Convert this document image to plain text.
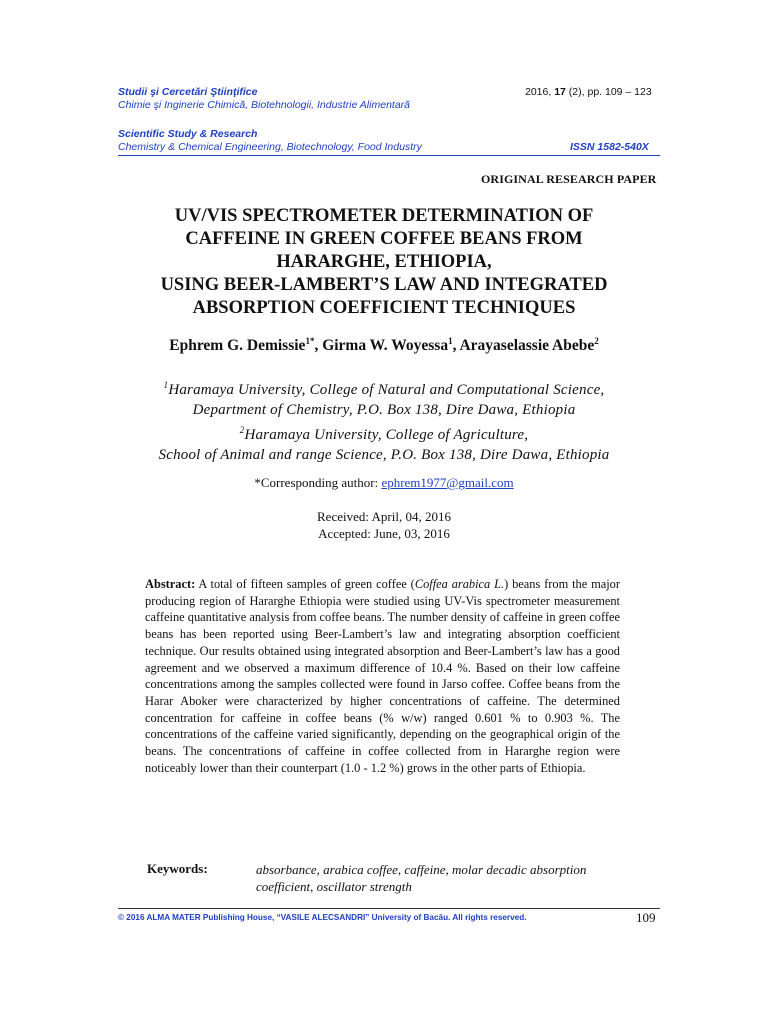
Studii şi Cercetări Ştiinţifice
Chimie şi Inginerie Chimică, Biotehnologii, Industrie Alimentară
2016, 17 (2), pp. 109 – 123
Scientific Study & Research
Chemistry & Chemical Engineering, Biotechnology, Food Industry	ISSN 1582-540X
ORIGINAL RESEARCH PAPER
UV/VIS SPECTROMETER DETERMINATION OF
CAFFEINE IN GREEN COFFEE BEANS FROM
HARARGHE, ETHIOPIA,
USING BEER-LAMBERT’S LAW AND INTEGRATED
ABSORPTION COEFFICIENT TECHNIQUES
Ephrem G. Demissie$^{1*}$, Girma W. Woyessa$^1$, Arayaselassie Abebe$^2$
$^1$Haramaya University, College of Natural and Computational Science,
Department of Chemistry, P.O. Box 138, Dire Dawa, Ethiopia
$^2$Haramaya University, College of Agriculture,
School of Animal and range Science, P.O. Box 138, Dire Dawa, Ethiopia
*Corresponding author: ephrem1977@gmail.com
Received: April, 04, 2016
Accepted: June, 03, 2016
Abstract: A total of fifteen samples of green coffee (Coffea arabica L.) beans from the major producing region of Hararghe Ethiopia were studied using UV-Vis spectrometer measurement caffeine quantitative analysis from coffee beans. The number density of caffeine in green coffee beans has been reported using Beer-Lambert’s law and integrating absorption coefficient technique. Our results obtained using integrated absorption and Beer-Lambert’s law has a good agreement and we observed a maximum difference of 10.4 %. Based on their low caffeine concentrations among the samples collected were found in Jarso coffee. Coffee beans from the Harar Aboker were characterized by higher concentrations of caffeine. The determined concentration for caffeine in coffee beans (% w/w) ranged 0.601 % to 0.903 %. The concentrations of the caffeine varied significantly, depending on the geographical origin of the beans. The concentrations of caffeine in coffee collected from in Hararghe region were noticeably lower than their counterpart (1.0 - 1.2 %) grows in the other parts of Ethiopia.
Keywords:	absorbance, arabica coffee, caffeine, molar decadic absorption coefficient, oscillator strength
© 2016 ALMA MATER Publishing House, “VASILE ALECSANDRI” University of Bacău. All rights reserved.	109
